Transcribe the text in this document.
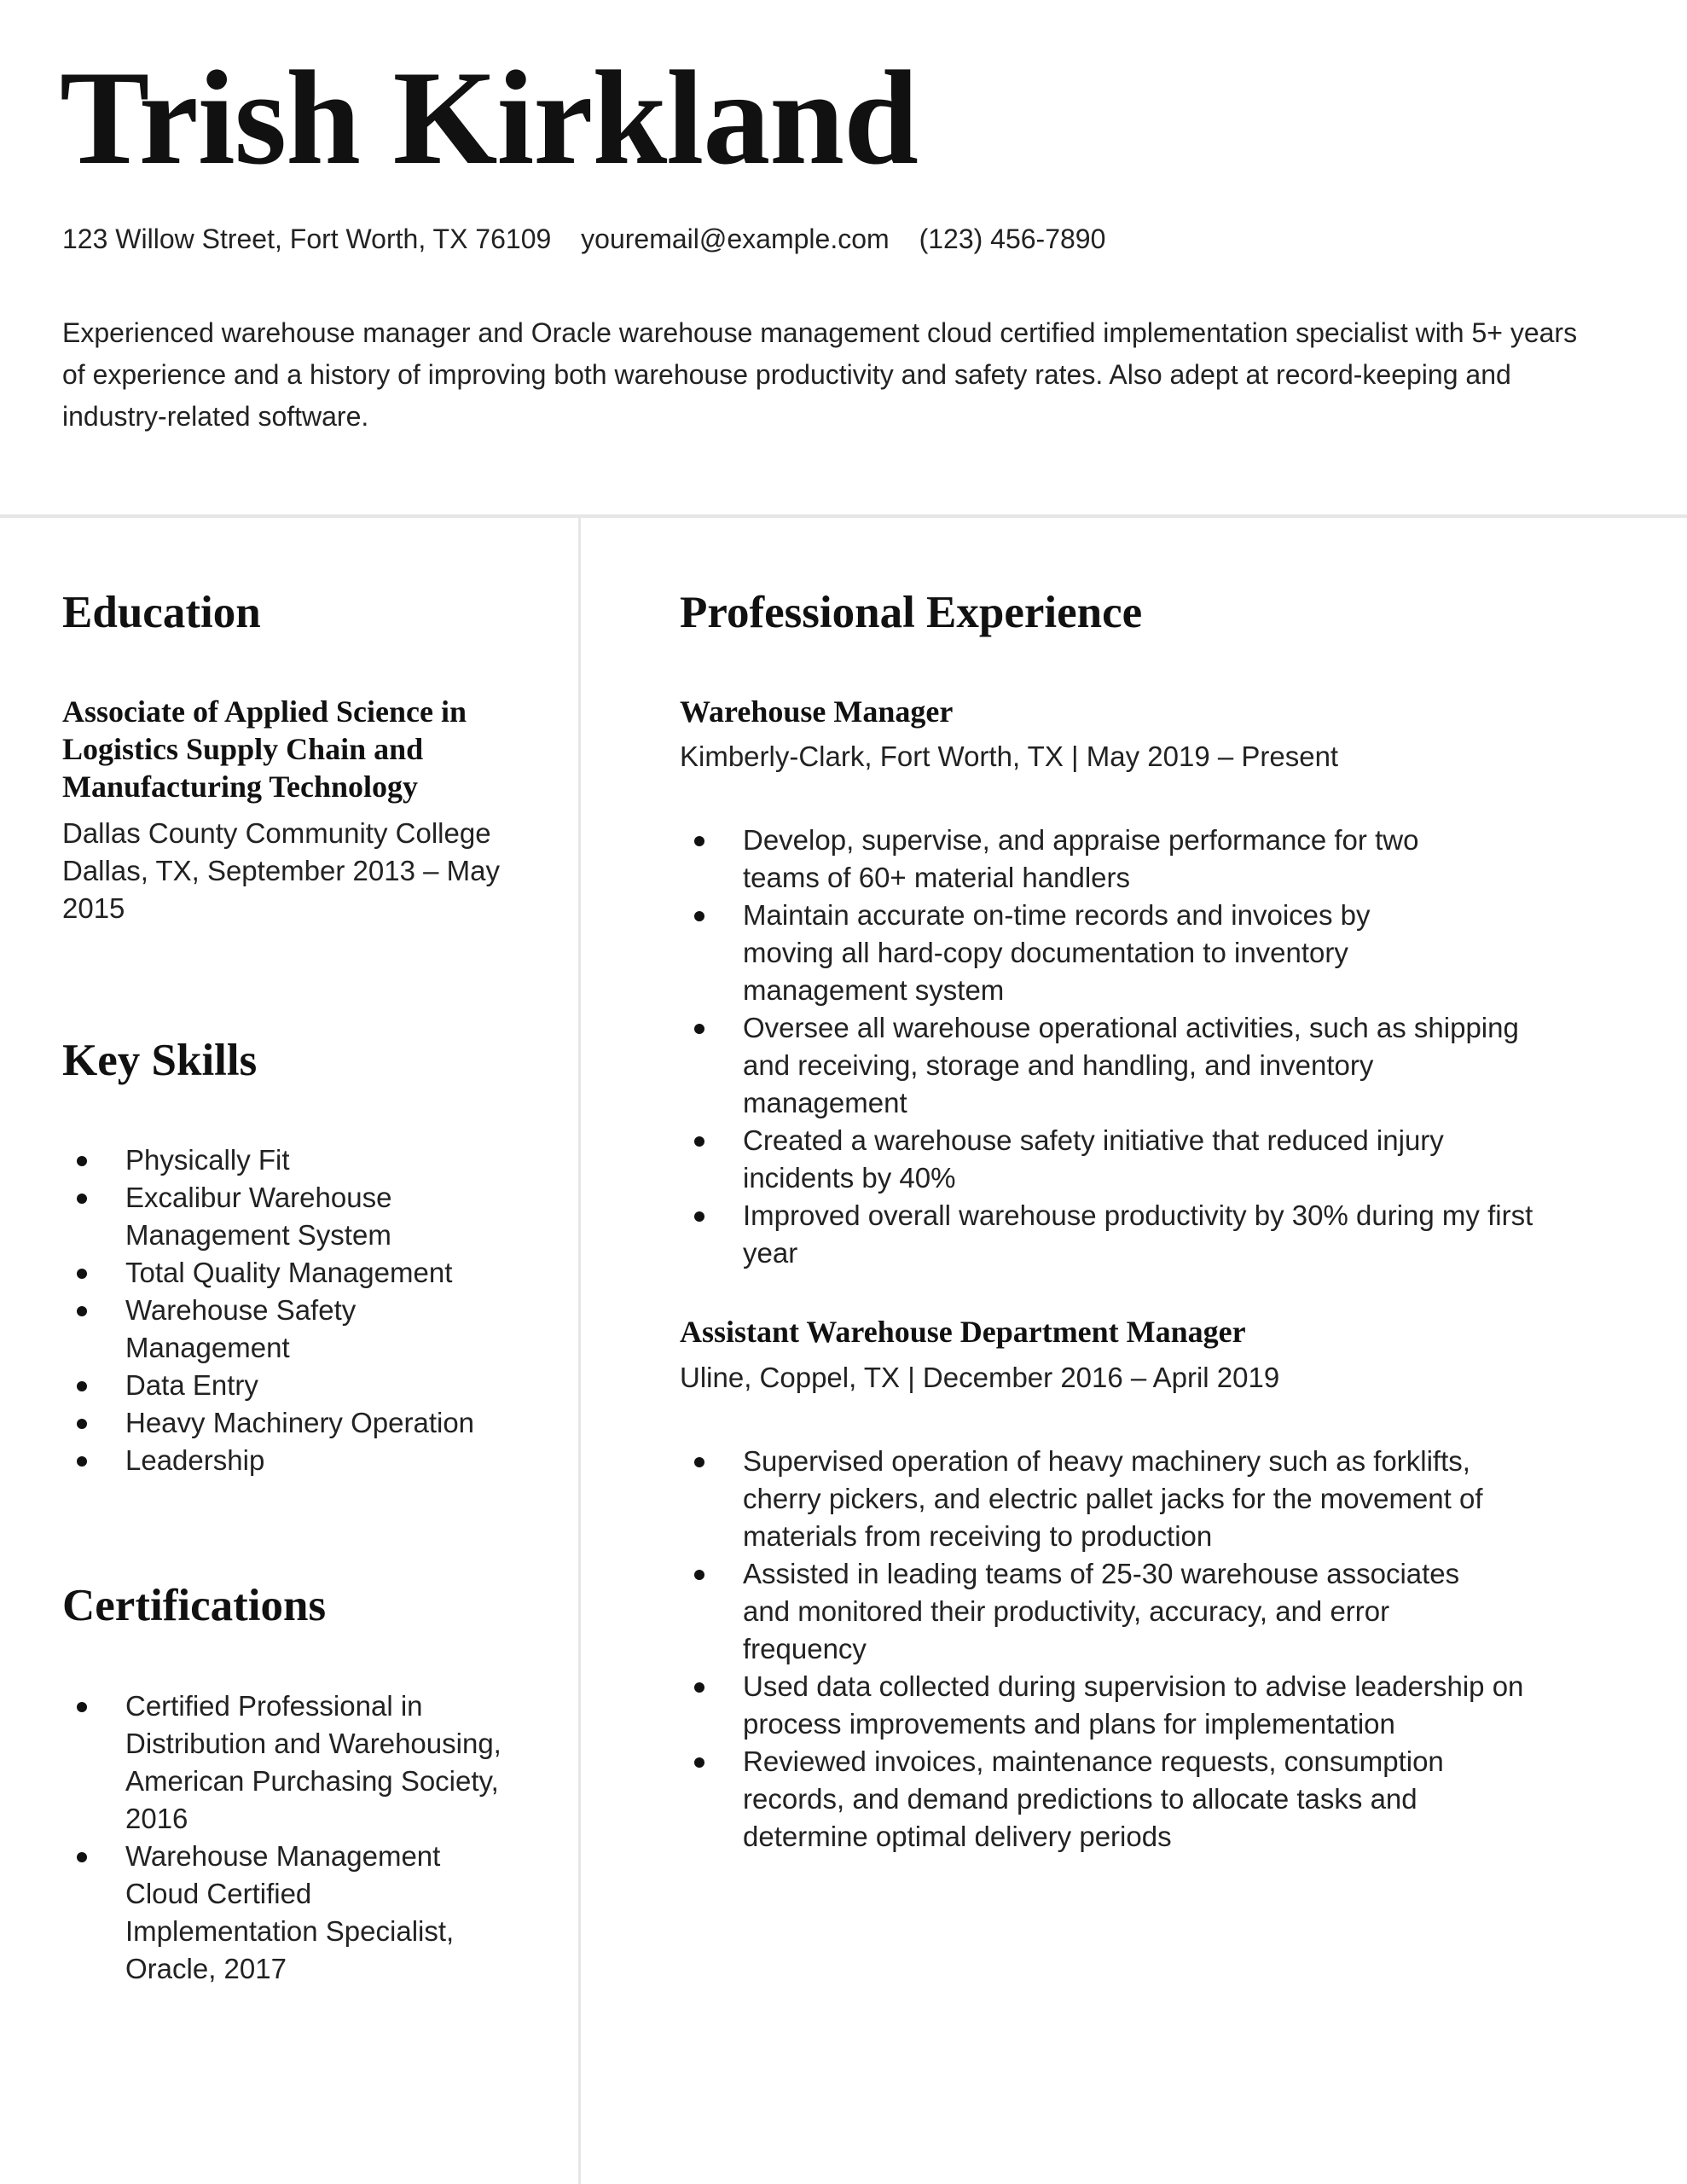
Trish Kirkland
123 Willow Street, Fort Worth, TX 76109 youremail@example.com (123) 456-7890
Experienced warehouse manager and Oracle warehouse management cloud certified implementation specialist with 5+ years of experience and a history of improving both warehouse productivity and safety rates. Also adept at record-keeping and industry-related software.
Education
Associate of Applied Science in Logistics Supply Chain and Manufacturing Technology
Dallas County Community College
Dallas, TX, September 2013 – May 2015
Key Skills
Physically Fit
Excalibur Warehouse Management System
Total Quality Management
Warehouse Safety Management
Data Entry
Heavy Machinery Operation
Leadership
Certifications
Certified Professional in Distribution and Warehousing, American Purchasing Society, 2016
Warehouse Management Cloud Certified Implementation Specialist, Oracle, 2017
Professional Experience
Warehouse Manager
Kimberly-Clark, Fort Worth, TX | May 2019 – Present
Develop, supervise, and appraise performance for two teams of 60+ material handlers
Maintain accurate on-time records and invoices by moving all hard-copy documentation to inventory management system
Oversee all warehouse operational activities, such as shipping and receiving, storage and handling, and inventory management
Created a warehouse safety initiative that reduced injury incidents by 40%
Improved overall warehouse productivity by 30% during my first year
Assistant Warehouse Department Manager
Uline, Coppel, TX | December 2016 – April 2019
Supervised operation of heavy machinery such as forklifts, cherry pickers, and electric pallet jacks for the movement of materials from receiving to production
Assisted in leading teams of 25-30 warehouse associates and monitored their productivity, accuracy, and error frequency
Used data collected during supervision to advise leadership on process improvements and plans for implementation
Reviewed invoices, maintenance requests, consumption records, and demand predictions to allocate tasks and determine optimal delivery periods
